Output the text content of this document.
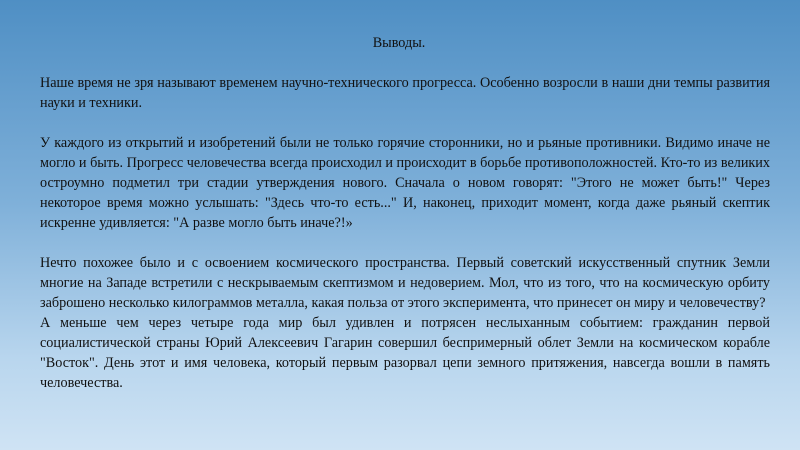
Выводы.

Наше время не зря называют временем научно-технического прогресса. Особенно возросли в наши дни темпы развития науки и техники.

У каждого из открытий и изобретений были не только горячие сторонники, но и рьяные противники. Видимо иначе не могло и быть. Прогресс человечества всегда происходил и происходит в борьбе противоположностей. Кто-то из великих остроумно подметил три стадии утверждения нового. Сначала о новом говорят: "Этого не может быть!" Через некоторое время можно услышать: "Здесь что-то есть..." И, наконец, приходит момент, когда даже рьяный скептик искренне удивляется: "А разве могло быть иначе?!»

Нечто похожее было и с освоением космического пространства. Первый советский искусственный спутник Земли многие на Западе встретили с нескрываемым скептизмом и недоверием. Мол, что из того, что на космическую орбиту заброшено несколько килограммов металла, какая польза от этого эксперимента, что принесет он миру и человечеству?

А меньше чем через четыре года мир был удивлен и потрясен неслыханным событием: гражданин первой социалистической страны Юрий Алексеевич Гагарин совершил беспримерный облет Земли на космическом корабле "Восток". День этот и имя человека, который первым разорвал цепи земного притяжения, навсегда вошли в память человечества.
